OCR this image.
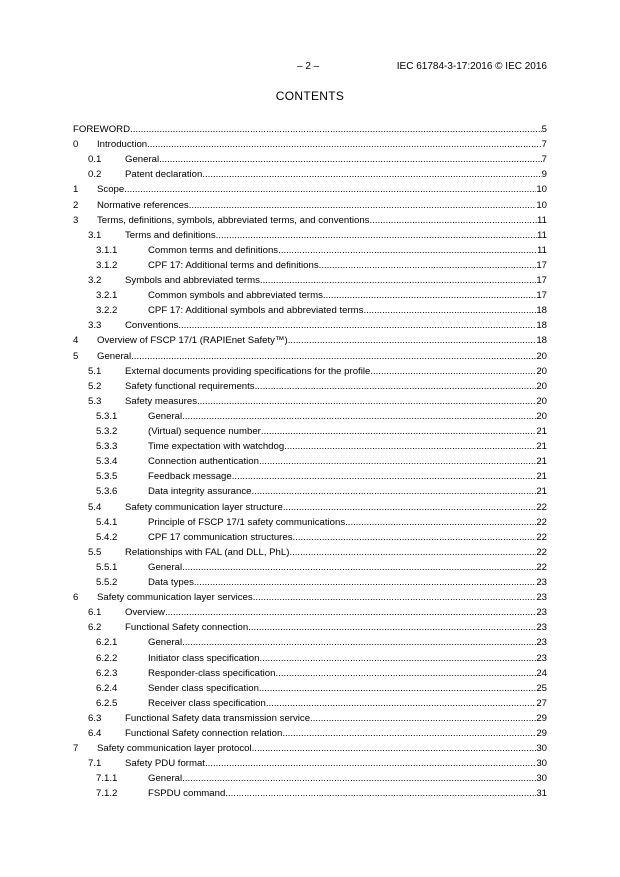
– 2 –	IEC 61784-3-17:2016 © IEC 2016
CONTENTS
FOREWORD .....	5
0 Introduction .....	7
0.1 General .....	7
0.2 Patent declaration .....	9
1 Scope .....	10
2 Normative references .....	10
3 Terms, definitions, symbols, abbreviated terms, and conventions .....	11
3.1 Terms and definitions .....	11
3.1.1	Common terms and definitions .....	11
3.1.2	CPF 17: Additional terms and definitions .....	17
3.2 Symbols and abbreviated terms .....	17
3.2.1	Common symbols and abbreviated terms .....	17
3.2.2	CPF 17: Additional symbols and abbreviated terms .....	18
3.3 Conventions .....	18
4 Overview of FSCP 17/1 (RAPIEnet Safety™) .....	18
5 General .....	20
5.1 External documents providing specifications for the profile .....	20
5.2 Safety functional requirements .....	20
5.3 Safety measures .....	20
5.3.1	General .....	20
5.3.2	(Virtual) sequence number .....	21
5.3.3	Time expectation with watchdog .....	21
5.3.4	Connection authentication .....	21
5.3.5	Feedback message .....	21
5.3.6	Data integrity assurance .....	21
5.4 Safety communication layer structure .....	22
5.4.1	Principle of FSCP 17/1 safety communications .....	22
5.4.2	CPF 17 communication structures .....	22
5.5 Relationships with FAL (and DLL, PhL) .....	22
5.5.1	General .....	22
5.5.2	Data types .....	23
6 Safety communication layer services .....	23
6.1 Overview .....	23
6.2 Functional Safety connection .....	23
6.2.1	General .....	23
6.2.2	Initiator class specification .....	23
6.2.3	Responder-class specification .....	24
6.2.4	Sender class specification .....	25
6.2.5	Receiver class specification .....	27
6.3 Functional Safety data transmission service .....	29
6.4 Functional Safety connection relation .....	29
7 Safety communication layer protocol .....	30
7.1 Safety PDU format .....	30
7.1.1	General .....	30
7.1.2	FSPDU command .....	31
